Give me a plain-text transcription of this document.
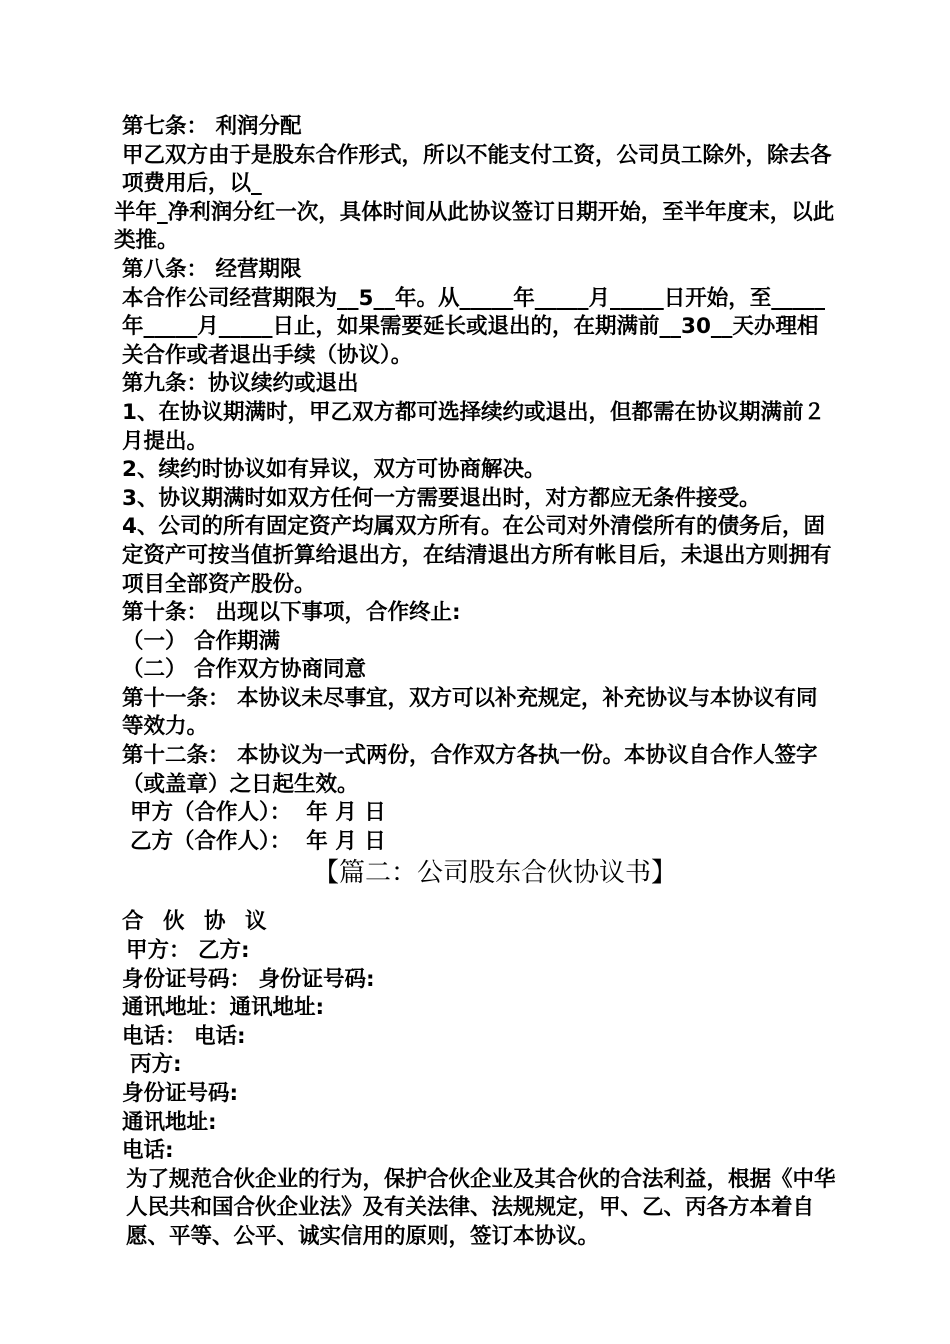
第七条： 利润分配

甲乙双方由于是股东合作形式，所以不能支付工资，公司员工除外，除去各项费用后，以_

半年_净利润分红一次，具体时间从此协议签订日期开始，至半年度末，以此类推。

第八条： 经营期限

本合作公司经营期限为__5__年。从_____年_____月_____日开始，至_____年_____月_____日止，如果需要延长或退出的，在期满前__30__天办理相关合作或者退出手续（协议）。

第九条：协议续约或退出

1、在协议期满时，甲乙双方都可选择续约或退出，但都需在协议期满前２月提出。

2、续约时协议如有异议，双方可协商解决。

3、协议期满时如双方任何一方需要退出时，对方都应无条件接受。

4、公司的所有固定资产均属双方所有。在公司对外清偿所有的债务后，固定资产可按当值折算给退出方，在结清退出方所有帐目后，未退出方则拥有项目全部资产股份。

第十条： 出现以下事项，合作终止:

（一） 合作期满

（二） 合作双方协商同意

第十一条： 本协议未尽事宜，双方可以补充规定，补充协议与本协议有同等效力。

第十二条： 本协议为一式两份，合作双方各执一份。本协议自合作人签字（或盖章）之日起生效。

甲方（合作人）：  年 月 日

乙方（合作人）：  年 月 日

【篇二：公司股东合伙协议书】

合 伙 协 议

甲方： 乙方:

身份证号码： 身份证号码:

通讯地址：通讯地址:

电话： 电话:

丙方:

身份证号码:

通讯地址:

电话:

为了规范合伙企业的行为，保护合伙企业及其合伙的合法利益，根据《中华人民共和国合伙企业法》及有关法律、法规规定，甲、乙、丙各方本着自愿、平等、公平、诚实信用的原则，签订本协议。
